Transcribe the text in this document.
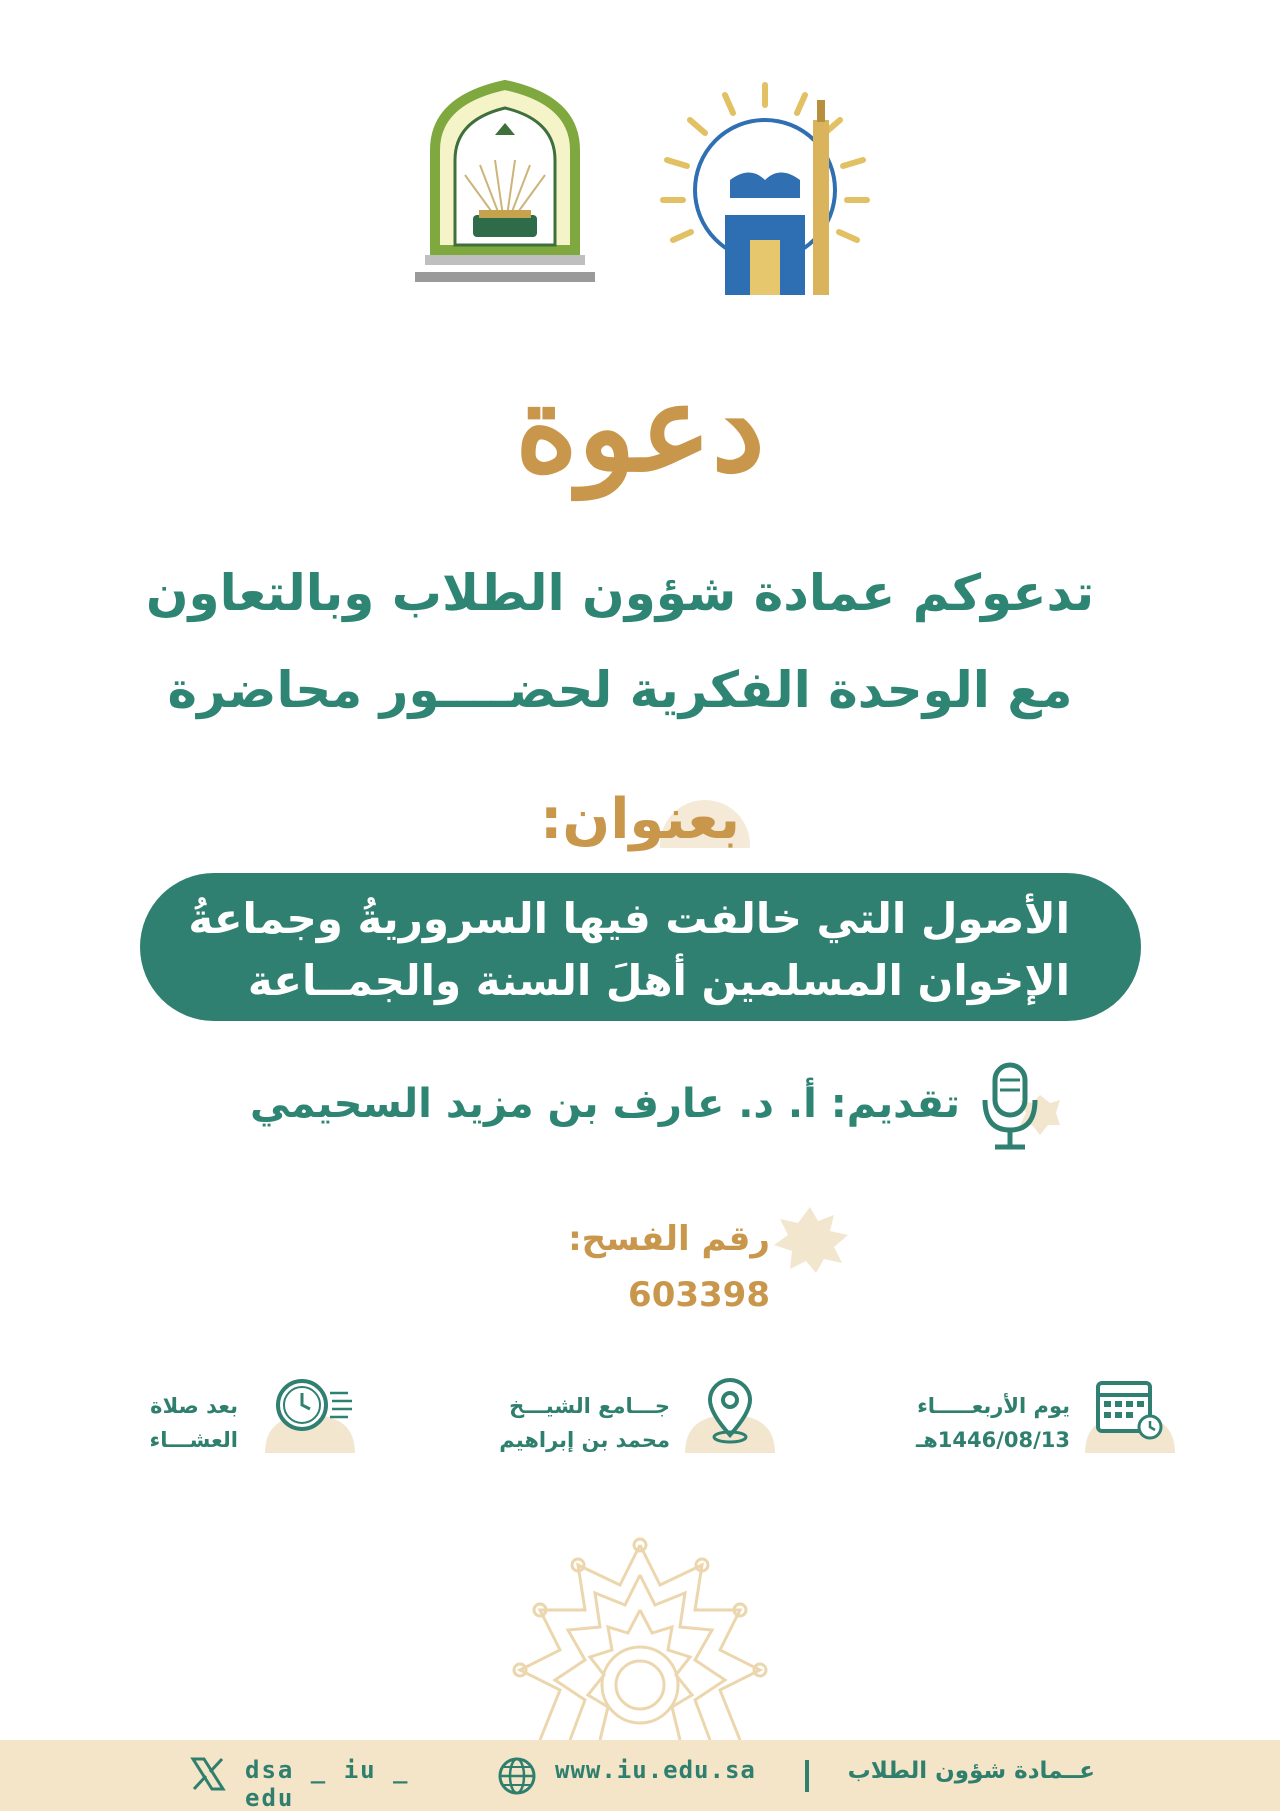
دعوة
تدعوكم عمادة شؤون الطلاب وبالتعاون
مع الوحدة الفكرية لحضــــور محاضرة
بعنوان:
الأصول التي خالفت فيها السروريةُ وجماعةُ
الإخوان المسلمين أهلَ السنة والجمــاعة
تقديم: أ. د. عارف بن مزيد السحيمي
رقم الفسح: 603398
يوم الأربعـــــاء
1446/08/13هـ
جـــامع الشيـــخ
محمد بن إبراهيم
بعد صلاة
العشـــاء
عــمادة شؤون الطلاب
www.iu.edu.sa
dsa _ iu _ edu
